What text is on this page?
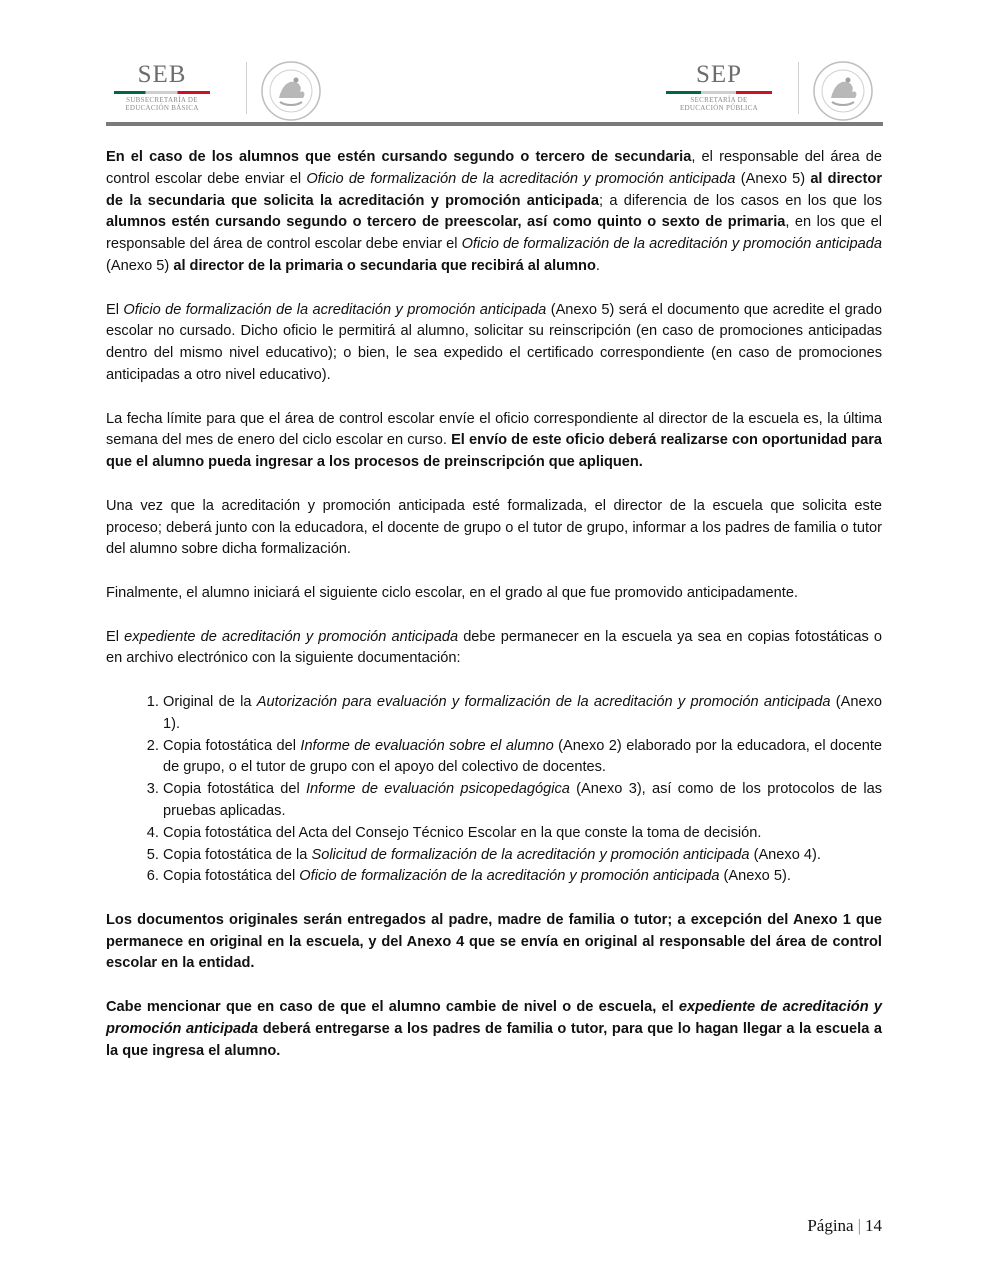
SEB
SUBSECRETARÍA DE
EDUCACIÓN BÁSICA
SEP
SECRETARÍA DE
EDUCACIÓN PÚBLICA

En el caso de los alumnos que estén cursando segundo o tercero de secundaria, el responsable del área de control escolar debe enviar el Oficio de formalización de la acreditación y promoción anticipada (Anexo 5) al director de la secundaria que solicita la acreditación y promoción anticipada; a diferencia de los casos en los que los alumnos estén cursando segundo o tercero de preescolar, así como quinto o sexto de primaria, en los que el responsable del área de control escolar debe enviar el Oficio de formalización de la acreditación y promoción anticipada (Anexo 5) al director de la primaria o secundaria que recibirá al alumno.

El Oficio de formalización de la acreditación y promoción anticipada (Anexo 5) será el documento que acredite el grado escolar no cursado. Dicho oficio le permitirá al alumno, solicitar su reinscripción (en caso de promociones anticipadas dentro del mismo nivel educativo); o bien, le sea expedido el certificado correspondiente (en caso de promociones anticipadas a otro nivel educativo).

La fecha límite para que el área de control escolar envíe el oficio correspondiente al director de la escuela es, la última semana del mes de enero del ciclo escolar en curso. El envío de este oficio deberá realizarse con oportunidad para que el alumno pueda ingresar a los procesos de preinscripción que apliquen.

Una vez que la acreditación y promoción anticipada esté formalizada, el director de la escuela que solicita este proceso; deberá junto con la educadora, el docente de grupo o el tutor de grupo, informar a los padres de familia o tutor del alumno sobre dicha formalización.

Finalmente, el alumno iniciará el siguiente ciclo escolar, en el grado al que fue promovido anticipadamente.

El expediente de acreditación y promoción anticipada debe permanecer en la escuela ya sea en copias fotostáticas o en archivo electrónico con la siguiente documentación:

1. Original de la Autorización para evaluación y formalización de la acreditación y promoción anticipada (Anexo 1).
2. Copia fotostática del Informe de evaluación sobre el alumno (Anexo 2) elaborado por la educadora, el docente de grupo, o el tutor de grupo con el apoyo del colectivo de docentes.
3. Copia fotostática del Informe de evaluación psicopedagógica (Anexo 3), así como de los protocolos de las pruebas aplicadas.
4. Copia fotostática del Acta del Consejo Técnico Escolar en la que conste la toma de decisión.
5. Copia fotostática de la Solicitud de formalización de la acreditación y promoción anticipada (Anexo 4).
6. Copia fotostática del Oficio de formalización de la acreditación y promoción anticipada (Anexo 5).

Los documentos originales serán entregados al padre, madre de familia o tutor; a excepción del Anexo 1 que permanece en original en la escuela, y del Anexo 4 que se envía en original al responsable del área de control escolar en la entidad.

Cabe mencionar que en caso de que el alumno cambie de nivel o de escuela, el expediente de acreditación y promoción anticipada deberá entregarse a los padres de familia o tutor, para que lo hagan llegar a la escuela a la que ingresa el alumno.

Página | 14
